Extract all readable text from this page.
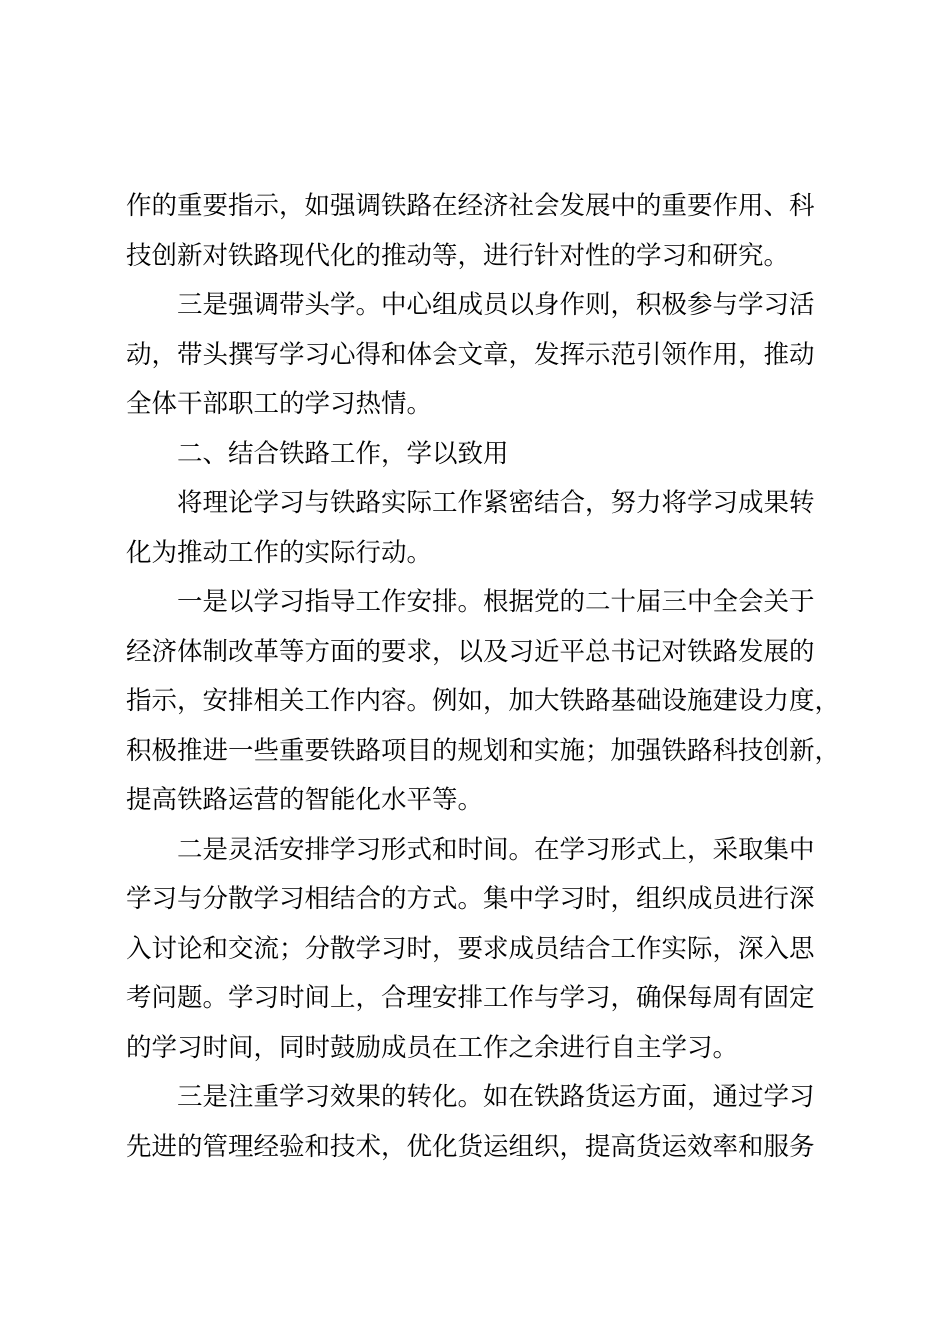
作的重要指示，如强调铁路在经济社会发展中的重要作用、科

技创新对铁路现代化的推动等，进行针对性的学习和研究。

三是强调带头学。中心组成员以身作则，积极参与学习活

动，带头撰写学习心得和体会文章，发挥示范引领作用，推动

全体干部职工的学习热情。

二、结合铁路工作，学以致用

将理论学习与铁路实际工作紧密结合，努力将学习成果转

化为推动工作的实际行动。

一是以学习指导工作安排。根据党的二十届三中全会关于

经济体制改革等方面的要求，以及习近平总书记对铁路发展的

指示，安排相关工作内容。例如，加大铁路基础设施建设力度，

积极推进一些重要铁路项目的规划和实施；加强铁路科技创新，

提高铁路运营的智能化水平等。

二是灵活安排学习形式和时间。在学习形式上，采取集中

学习与分散学习相结合的方式。集中学习时，组织成员进行深

入讨论和交流；分散学习时，要求成员结合工作实际，深入思

考问题。学习时间上，合理安排工作与学习，确保每周有固定

的学习时间，同时鼓励成员在工作之余进行自主学习。

三是注重学习效果的转化。如在铁路货运方面，通过学习

先进的管理经验和技术，优化货运组织，提高货运效率和服务
